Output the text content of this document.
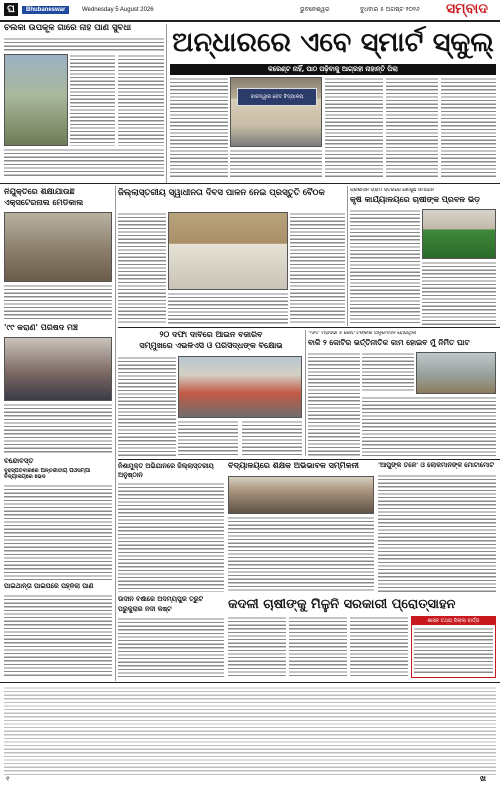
ଘ	Bhubaneswar	Wednesday 5 August 2026	ଭୁବନେଶ୍ୱର	ବୁଧବାର ୫ ଅଗଷ୍ଟ ୨୦୨୬ ସମ୍ବାଦ
ଚିଲିକା ଉପକୂଳ ଗାଁରେ ନାହିଁ ପାଣି ସୁବିଧା	ଅନ୍ଧାରରେ ଏବେ ସ୍ମାର୍ଟ ସ୍କୁଲ୍
କରେଣ୍ଟ ନାହିଁ, ପାଠ ପଢ଼ିବାକୁ ଆଗ୍ରହୀ ନାହାନ୍ତି ପିଲା
ବାରଦ୍ୱାର ବେଦ ବିଦ୍ୟାଳୟ
ନିଯୁକ୍ତିରେ ଶିକ୍ଷାଯାଉଛି
ଏକ୍ସଟେରନାଲ ମେଡିକାଲ
'୯୯ କରାଣ' ପରିଷଦ ମଞ୍ଚ
ବନ୍ଦୋବସ୍ତ
ବୃହସ୍ପତିବାରରେ ଅନ୍ତର୍ଜାତୀୟ ପିଓସମ୍ପୀ ବିଦ୍ୟାଳୟରେ ଭେଦ
ପାଇଥାନ୍ତା ପାଇପରେ ପହ୍ନିଲା ପାଣି
ଜିଲ୍ଲାସ୍ତରୀୟ ସ୍ୱାଧୀନତା ଦିବସ ପାଳନ ନେଇ ପ୍ରସ୍ତୁତି ବୈଠକ	ପ୍ରଶାସନ ଗ୍ରାମ ସ୍ତରରେ ଖୋଜୁଛି ସମାଧାନ
କୃଷି କାର୍ଯ୍ୟାଳୟରେ ଚାଷୀଙ୍କ ପ୍ରବଳ ଭିଡ଼
୨୦ ଦଫା ଦାବିରେ ଆଇନ ବଜାରିବ
ସମ୍ମୁଖରେ ଏଭଳିଏସି ଓ ପରିସିଦ୍ଧଙ୍କ ବିକ୍ଷୋଭ
'୨୬ଦି' ମହାସଭା ୫ କୋଟି ଟଙ୍କାର ଅନୁମୋଦନ ହୋଇଥିଲା
ବାକି ୨ କୋଟିର ଭର୍ତ୍ତିନୀତିକ କାମ ହୋଇବ ମୁଁ ନିର୍ମିତ ଘାଟ
ନିଶାମୁକ୍ତ ଅଭିଯାନରେ ଜିଲ୍ଲାସ୍ତରୀୟ ଅନୁଷ୍ଠାନ
ବିଦ୍ୟାଳୟରେ ଶିକ୍ଷକ ଅଭିଭାବକ ସମ୍ମିଳନୀ	'ଆପୁଙ୍କ ତଳେ' ଓ ଲୋକମାନଙ୍କ ମୋଟାମୋଟି
ଉଦୀନ ବର୍ଷାରେ ଅଦମ୍ୟପୁର ତ୍ରୁଟି
ପରୁକୁରାର ନଦୀ କଷ୍ଟ	କଦଳୀ ଚାଷୀଙ୍କୁ ମିଳୁନି ସରକାରୀ ପ୍ରୋତ୍ସାହନ
ଶାସନ ତଥ୍ୟ ଜିଲ୍ଲା ବାର୍ତ୍ତା
ଖ
୧
